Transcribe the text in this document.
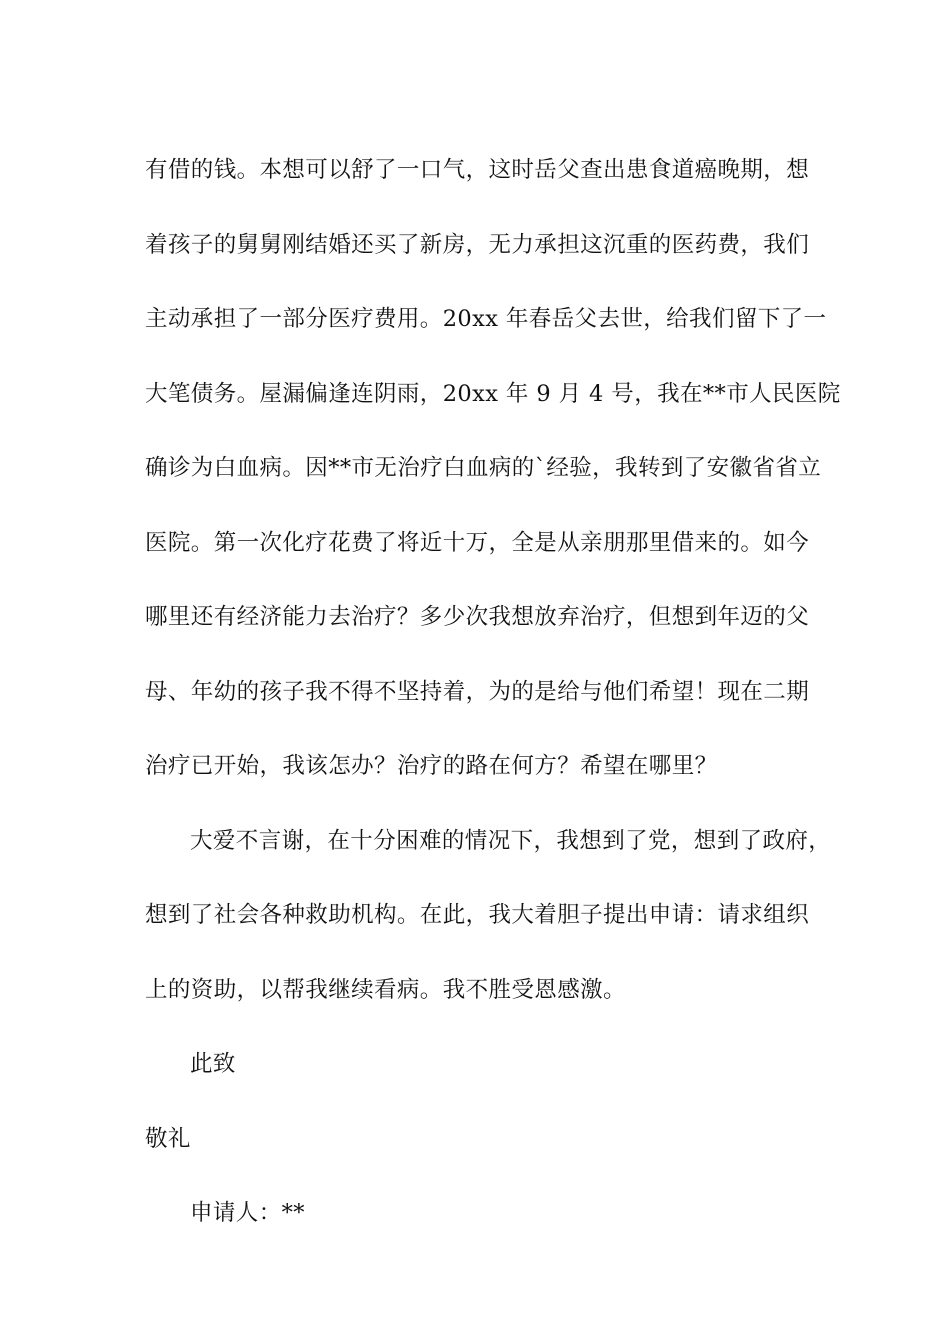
有借的钱。本想可以舒了一口气，这时岳父查出患食道癌晚期，想
着孩子的舅舅刚结婚还买了新房，无力承担这沉重的医药费，我们
主动承担了一部分医疗费用。20xx 年春岳父去世，给我们留下了一
大笔债务。屋漏偏逢连阴雨，20xx 年 9 月 4 号，我在**市人民医院
确诊为白血病。因**市无治疗白血病的`经验，我转到了安徽省省立
医院。第一次化疗花费了将近十万，全是从亲朋那里借来的。如今
哪里还有经济能力去治疗？多少次我想放弃治疗，但想到年迈的父
母、年幼的孩子我不得不坚持着，为的是给与他们希望！现在二期
治疗已开始，我该怎办？治疗的路在何方？希望在哪里？
大爱不言谢，在十分困难的情况下，我想到了党，想到了政府，
想到了社会各种救助机构。在此，我大着胆子提出申请：请求组织
上的资助，以帮我继续看病。我不胜受恩感激。
此致
敬礼
申请人：**
